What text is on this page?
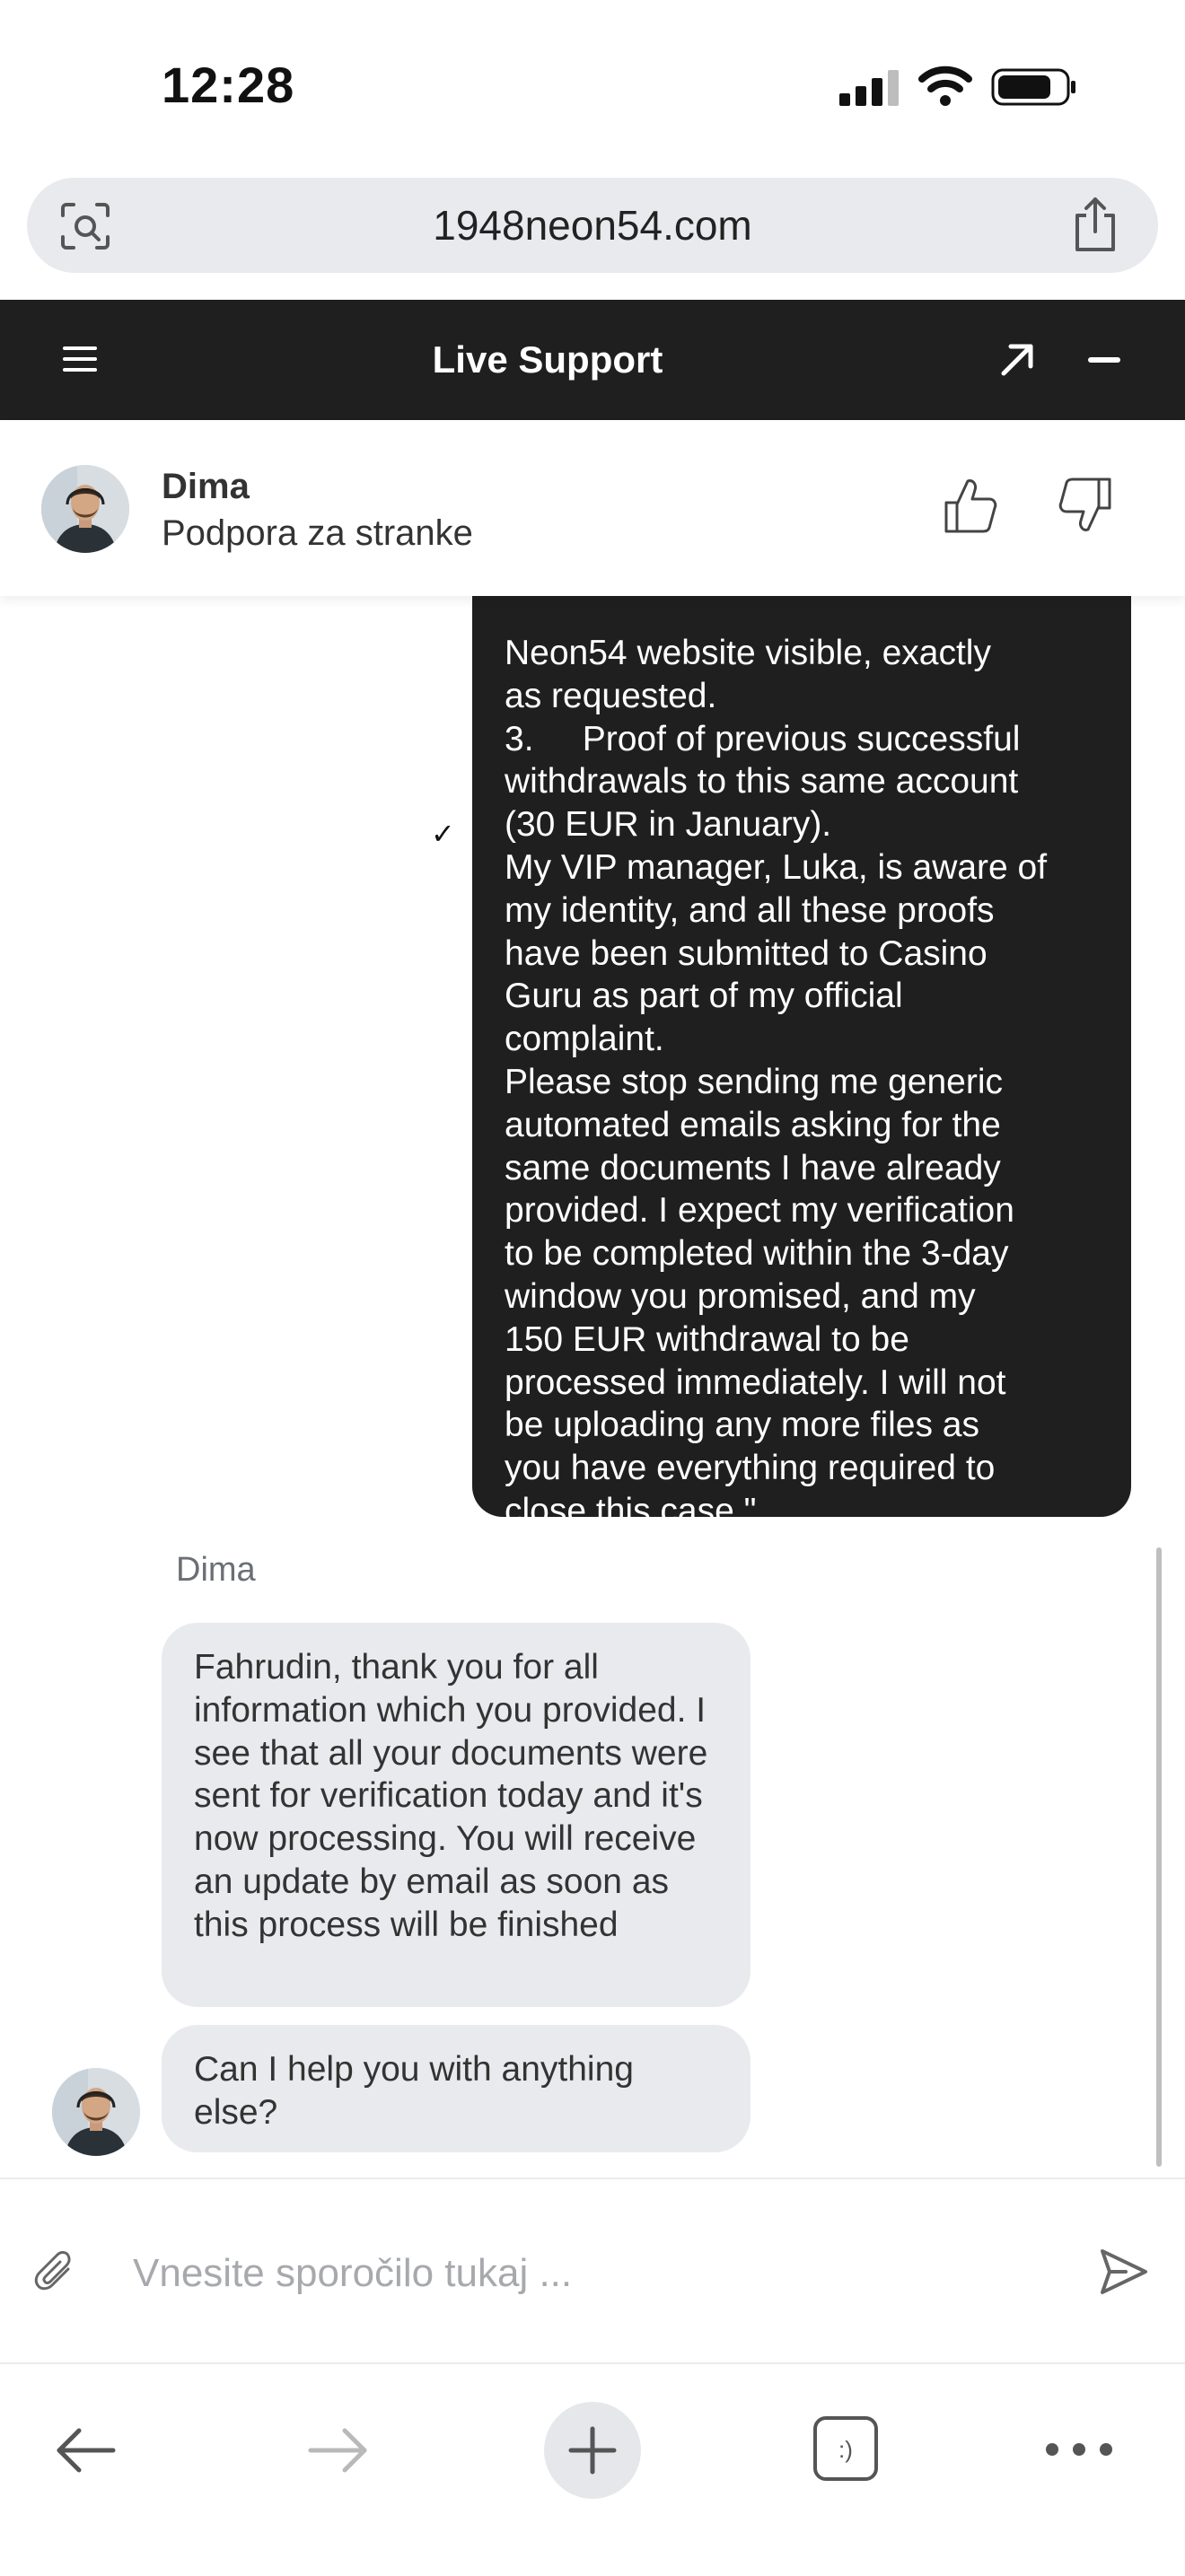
12:28
1948neon54.com
Live Support
Dima
Podpora za stranke
Neon54 website visible, exactly
as requested.
3.     Proof of previous successful
withdrawals to this same account
(30 EUR in January).
My VIP manager, Luka, is aware of
my identity, and all these proofs
have been submitted to Casino
Guru as part of my official
complaint.
Please stop sending me generic
automated emails asking for the
same documents I have already
provided. I expect my verification
to be completed within the 3-day
window you promised, and my
150 EUR withdrawal to be
processed immediately. I will not
be uploading any more files as
you have everything required to
close this case."
✓
Dima
Fahrudin, thank you for all information which you provided. I see that all your documents were sent for verification today and it's now processing. You will receive an update by email as soon as this process will be finished
Can I help you with anything else?
Vnesite sporočilo tukaj ...
:)
